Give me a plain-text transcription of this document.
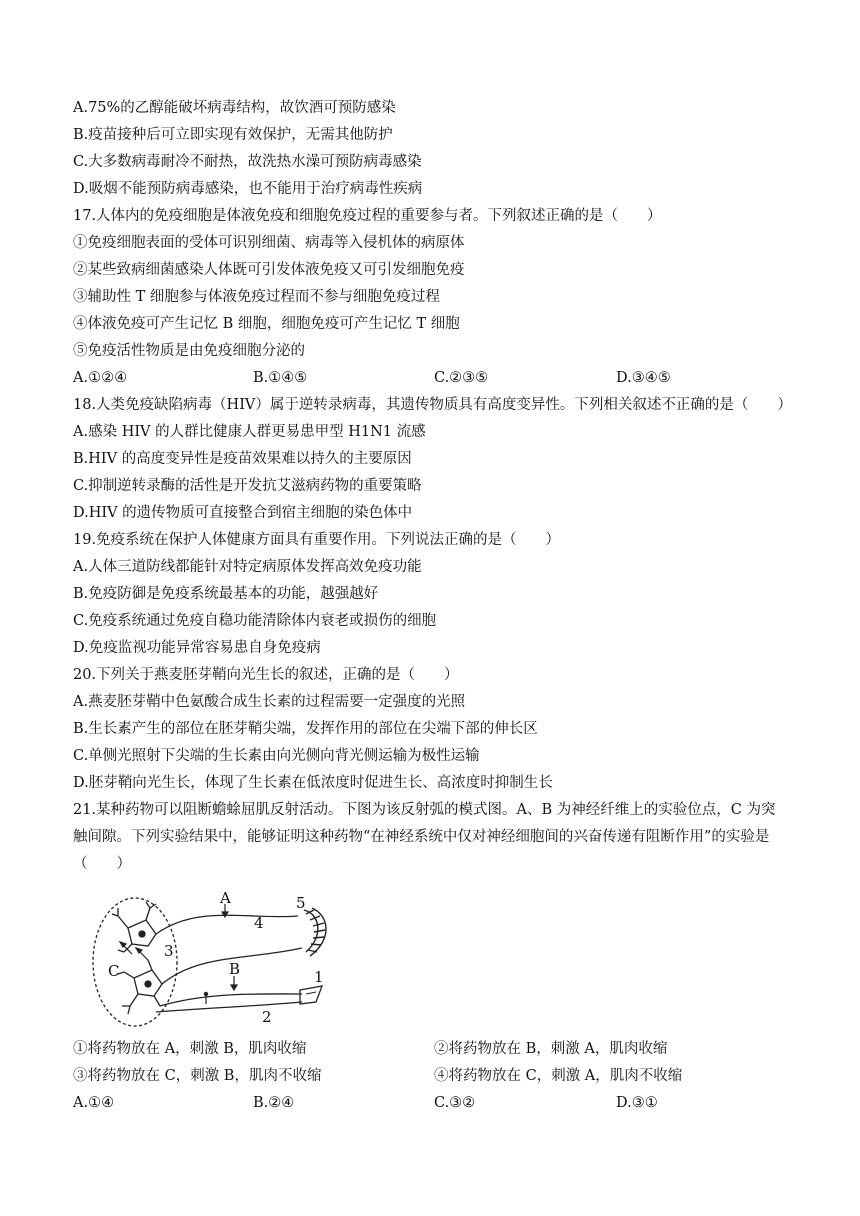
A.75%的乙醇能破坏病毒结构，故饮酒可预防感染
B.疫苗接种后可立即实现有效保护，无需其他防护
C.大多数病毒耐冷不耐热，故洗热水澡可预防病毒感染
D.吸烟不能预防病毒感染，也不能用于治疗病毒性疾病
17.人体内的免疫细胞是体液免疫和细胞免疫过程的重要参与者。下列叙述正确的是（　　）
①免疫细胞表面的受体可识别细菌、病毒等入侵机体的病原体
②某些致病细菌感染人体既可引发体液免疫又可引发细胞免疫
③辅助性 T 细胞参与体液免疫过程而不参与细胞免疫过程
④体液免疫可产生记忆 B 细胞，细胞免疫可产生记忆 T 细胞
⑤免疫活性物质是由免疫细胞分泌的
A.①②④	B.①④⑤	C.②③⑤	D.③④⑤
18.人类免疫缺陷病毒（HIV）属于逆转录病毒，其遗传物质具有高度变异性。下列相关叙述不正确的是（　　）
A.感染 HIV 的人群比健康人群更易患甲型 H1N1 流感
B.HIV 的高度变异性是疫苗效果难以持久的主要原因
C.抑制逆转录酶的活性是开发抗艾滋病药物的重要策略
D.HIV 的遗传物质可直接整合到宿主细胞的染色体中
19.免疫系统在保护人体健康方面具有重要作用。下列说法正确的是（　　）
A.人体三道防线都能针对特定病原体发挥高效免疫功能
B.免疫防御是免疫系统最基本的功能，越强越好
C.免疫系统通过免疫自稳功能清除体内衰老或损伤的细胞
D.免疫监视功能异常容易患自身免疫病
20.下列关于燕麦胚芽鞘向光生长的叙述，正确的是（　　）
A.燕麦胚芽鞘中色氨酸合成生长素的过程需要一定强度的光照
B.生长素产生的部位在胚芽鞘尖端，发挥作用的部位在尖端下部的伸长区
C.单侧光照射下尖端的生长素由向光侧向背光侧运输为极性运输
D.胚芽鞘向光生长，体现了生长素在低浓度时促进生长、高浓度时抑制生长
21.某种药物可以阻断蟾蜍屈肌反射活动。下图为该反射弧的模式图。A、B 为神经纤维上的实验位点，C 为突
触间隙。下列实验结果中，能够证明这种药物“在神经系统中仅对神经细胞间的兴奋传递有阻断作用”的实验是
（　　）
A
B
C
3
4
5
1
2
①将药物放在 A，刺激 B，肌肉收缩	②将药物放在 B，刺激 A，肌肉收缩
③将药物放在 C，刺激 B，肌肉不收缩	④将药物放在 C，刺激 A，肌肉不收缩
A.①④	B.②④	C.③②	D.③①
